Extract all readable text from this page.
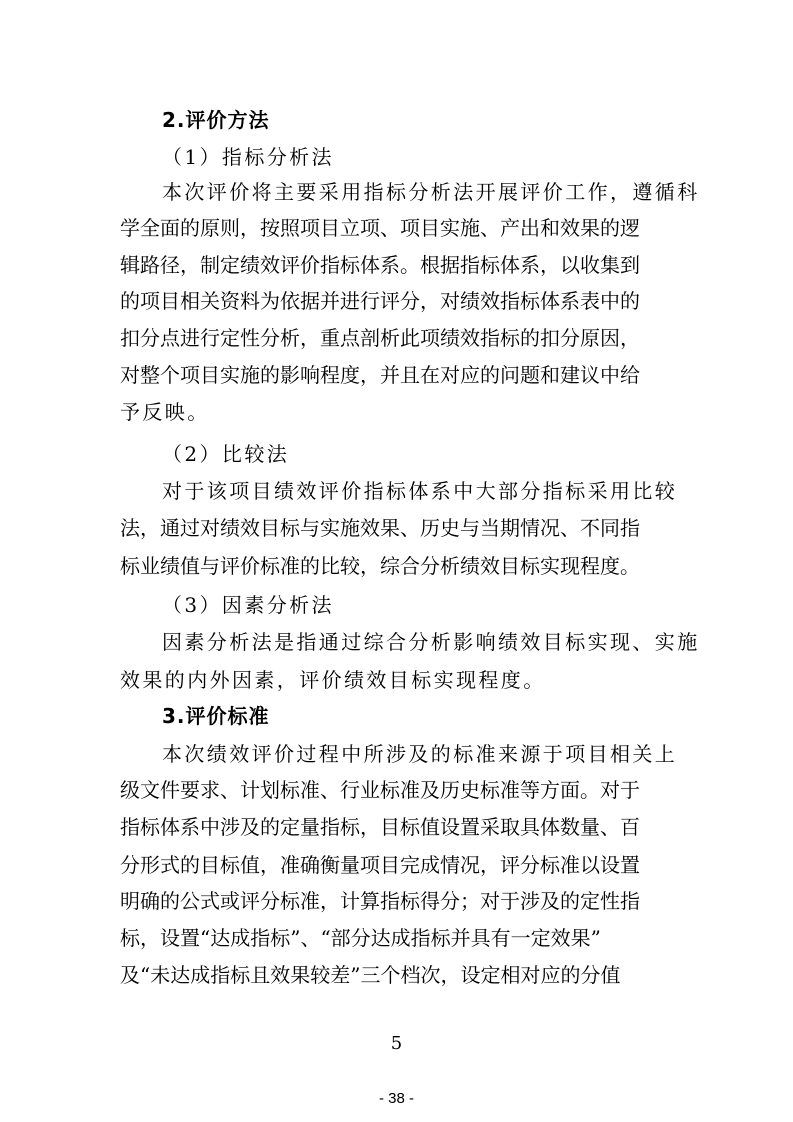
2.评价方法
（1）指标分析法
本次评价将主要采用指标分析法开展评价工作，遵循科
学全面的原则，按照项目立项、项目实施、产出和效果的逻
辑路径，制定绩效评价指标体系。根据指标体系，以收集到
的项目相关资料为依据并进行评分，对绩效指标体系表中的
扣分点进行定性分析，重点剖析此项绩效指标的扣分原因，
对整个项目实施的影响程度，并且在对应的问题和建议中给
予反映。
（2）比较法
对于该项目绩效评价指标体系中大部分指标采用比较
法，通过对绩效目标与实施效果、历史与当期情况、不同指
标业绩值与评价标准的比较，综合分析绩效目标实现程度。
（3）因素分析法
因素分析法是指通过综合分析影响绩效目标实现、实施
效果的内外因素，评价绩效目标实现程度。
3.评价标准
本次绩效评价过程中所涉及的标准来源于项目相关上
级文件要求、计划标准、行业标准及历史标准等方面。对于
指标体系中涉及的定量指标，目标值设置采取具体数量、百
分形式的目标值，准确衡量项目完成情况，评分标准以设置
明确的公式或评分标准，计算指标得分；对于涉及的定性指
标，设置“达成指标”、“部分达成指标并具有一定效果”
及“未达成指标且效果较差”三个档次，设定相对应的分值
5
- 38 -
